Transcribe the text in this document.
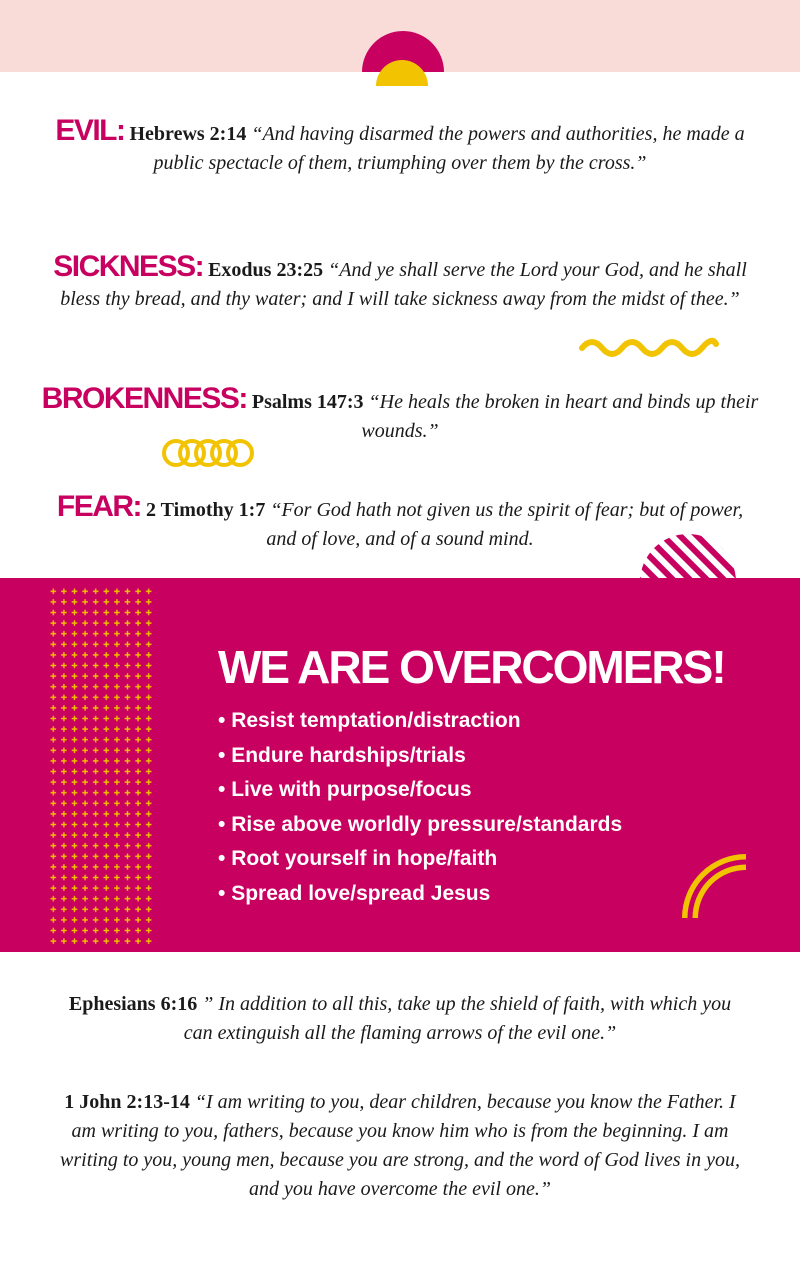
EVIL: Hebrews 2:14 “And having disarmed the powers and authorities, he made a public spectacle of them, triumphing over them by the cross.”
SICKNESS: Exodus 23:25 “And ye shall serve the Lord your God, and he shall bless thy bread, and thy water; and I will take sickness away from the midst of thee.”
BROKENNESS: Psalms 147:3 “He heals the broken in heart and binds up their wounds.”
FEAR: 2 Timothy 1:7 “For God hath not given us the spirit of fear; but of power, and of love, and of a sound mind.
WE ARE OVERCOMERS!
• Resist temptation/distraction
• Endure hardships/trials
• Live with purpose/focus
• Rise above worldly pressure/standards
• Root yourself in hope/faith
• Spread love/spread Jesus
Ephesians 6:16 ” In addition to all this, take up the shield of faith, with which you can extinguish all the flaming arrows of the evil one.”
1 John 2:13-14 “I am writing to you, dear children, because you know the Father. I am writing to you, fathers, because you know him who is from the beginning. I am writing to you, young men, because you are strong, and the word of God lives in you, and you have overcome the evil one.”
